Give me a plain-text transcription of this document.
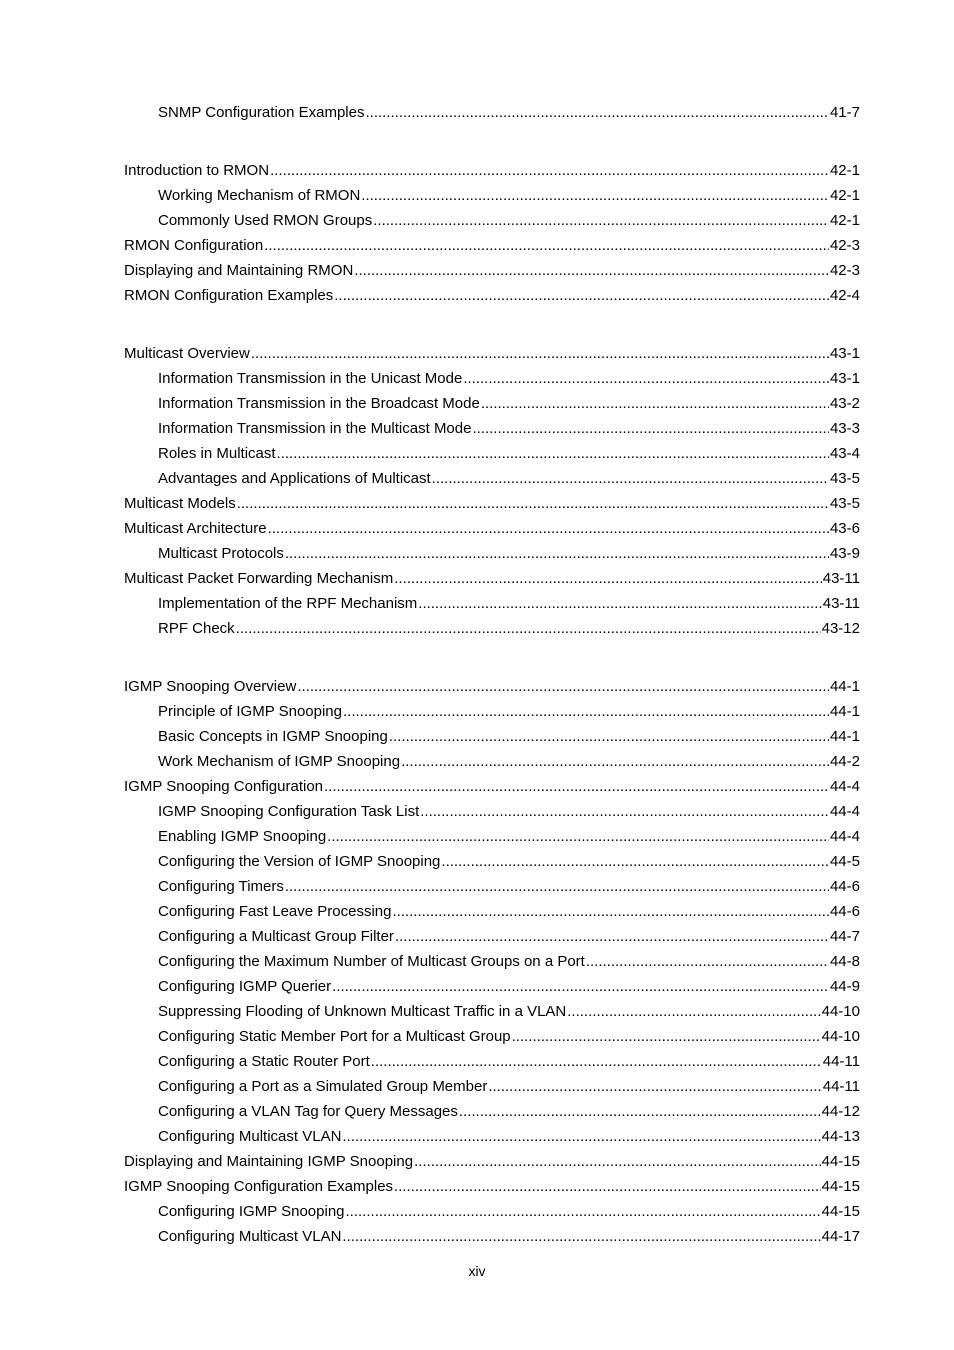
SNMP Configuration Examples .....	41-7
Introduction to RMON .....	42-1
Working Mechanism of RMON .....	42-1
Commonly Used RMON Groups .....	42-1
RMON Configuration .....	42-3
Displaying and Maintaining RMON .....	42-3
RMON Configuration Examples .....	42-4
Multicast Overview .....	43-1
Information Transmission in the Unicast Mode .....	43-1
Information Transmission in the Broadcast Mode .....	43-2
Information Transmission in the Multicast Mode .....	43-3
Roles in Multicast .....	43-4
Advantages and Applications of Multicast .....	43-5
Multicast Models .....	43-5
Multicast Architecture .....	43-6
Multicast Protocols .....	43-9
Multicast Packet Forwarding Mechanism .....	43-11
Implementation of the RPF Mechanism .....	43-11
RPF Check .....	43-12
IGMP Snooping Overview .....	44-1
Principle of IGMP Snooping .....	44-1
Basic Concepts in IGMP Snooping .....	44-1
Work Mechanism of IGMP Snooping .....	44-2
IGMP Snooping Configuration .....	44-4
IGMP Snooping Configuration Task List .....	44-4
Enabling IGMP Snooping .....	44-4
Configuring the Version of IGMP Snooping .....	44-5
Configuring Timers .....	44-6
Configuring Fast Leave Processing .....	44-6
Configuring a Multicast Group Filter .....	44-7
Configuring the Maximum Number of Multicast Groups on a Port .....	44-8
Configuring IGMP Querier .....	44-9
Suppressing Flooding of Unknown Multicast Traffic in a VLAN .....	44-10
Configuring Static Member Port for a Multicast Group .....	44-10
Configuring a Static Router Port .....	44-11
Configuring a Port as a Simulated Group Member .....	44-11
Configuring a VLAN Tag for Query Messages .....	44-12
Configuring Multicast VLAN .....	44-13
Displaying and Maintaining IGMP Snooping .....	44-15
IGMP Snooping Configuration Examples .....	44-15
Configuring IGMP Snooping .....	44-15
Configuring Multicast VLAN .....	44-17
xiv
